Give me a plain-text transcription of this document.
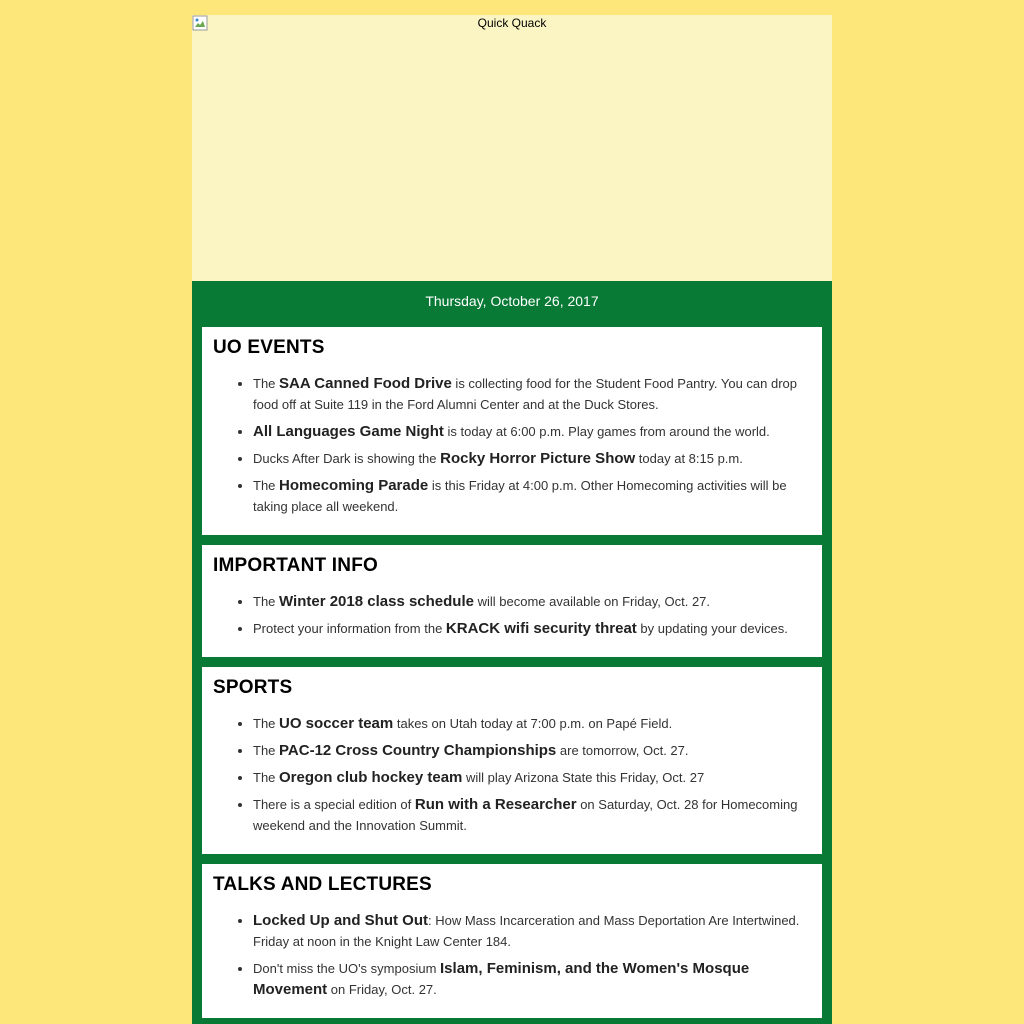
Quick Quack
Thursday, October 26, 2017
UO EVENTS
• The SAA Canned Food Drive is collecting food for the Student Food Pantry. You can drop food off at Suite 119 in the Ford Alumni Center and at the Duck Stores.
• All Languages Game Night is today at 6:00 p.m. Play games from around the world.
• Ducks After Dark is showing the Rocky Horror Picture Show today at 8:15 p.m.
• The Homecoming Parade is this Friday at 4:00 p.m. Other Homecoming activities will be taking place all weekend.
IMPORTANT INFO
• The Winter 2018 class schedule will become available on Friday, Oct. 27.
• Protect your information from the KRACK wifi security threat by updating your devices.
SPORTS
• The UO soccer team takes on Utah today at 7:00 p.m. on Papé Field.
• The PAC-12 Cross Country Championships are tomorrow, Oct. 27.
• The Oregon club hockey team will play Arizona State this Friday, Oct. 27
• There is a special edition of Run with a Researcher on Saturday, Oct. 28 for Homecoming weekend and the Innovation Summit.
TALKS AND LECTURES
• Locked Up and Shut Out: How Mass Incarceration and Mass Deportation Are Intertwined. Friday at noon in the Knight Law Center 184.
• Don't miss the UO's symposium Islam, Feminism, and the Women's Mosque Movement on Friday, Oct. 27.
